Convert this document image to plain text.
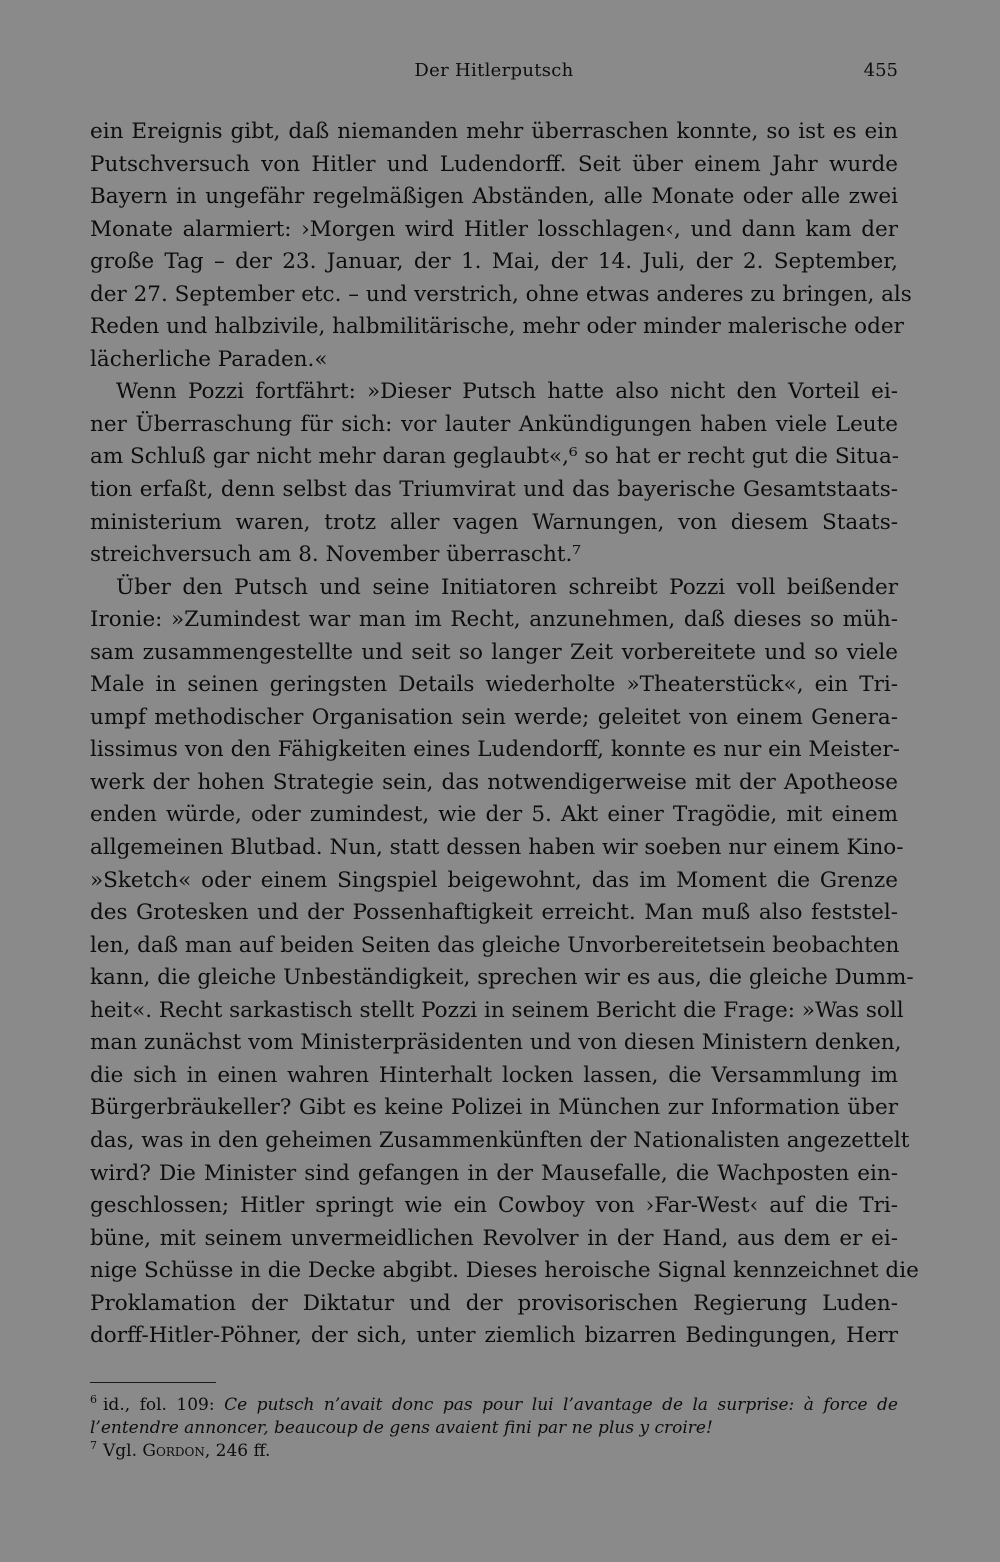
Der Hitlerputsch	455
ein Ereignis gibt, daß niemanden mehr überraschen konnte, so ist es ein
Putschversuch von Hitler und Ludendorff. Seit über einem Jahr wurde
Bayern in ungefähr regelmäßigen Abständen, alle Monate oder alle zwei
Monate alarmiert: ›Morgen wird Hitler losschlagen‹, und dann kam der
große Tag – der 23. Januar, der 1. Mai, der 14. Juli, der 2. September,
der 27. September etc. – und verstrich, ohne etwas anderes zu bringen, als
Reden und halbzivile, halbmilitärische, mehr oder minder malerische oder
lächerliche Paraden.«
Wenn Pozzi fortfährt: »Dieser Putsch hatte also nicht den Vorteil ei-
ner Überraschung für sich: vor lauter Ankündigungen haben viele Leute
am Schluß gar nicht mehr daran geglaubt«,⁶ so hat er recht gut die Situa-
tion erfaßt, denn selbst das Triumvirat und das bayerische Gesamtstaats-
ministerium waren, trotz aller vagen Warnungen, von diesem Staats-
streichversuch am 8. November überrascht.⁷
Über den Putsch und seine Initiatoren schreibt Pozzi voll beißender
Ironie: »Zumindest war man im Recht, anzunehmen, daß dieses so müh-
sam zusammengestellte und seit so langer Zeit vorbereitete und so viele
Male in seinen geringsten Details wiederholte »Theaterstück«, ein Tri-
umpf methodischer Organisation sein werde; geleitet von einem Genera-
lissimus von den Fähigkeiten eines Ludendorff, konnte es nur ein Meister-
werk der hohen Strategie sein, das notwendigerweise mit der Apotheose
enden würde, oder zumindest, wie der 5. Akt einer Tragödie, mit einem
allgemeinen Blutbad. Nun, statt dessen haben wir soeben nur einem Kino-
»Sketch« oder einem Singspiel beigewohnt, das im Moment die Grenze
des Grotesken und der Possenhaftigkeit erreicht. Man muß also feststel-
len, daß man auf beiden Seiten das gleiche Unvorbereitetsein beobachten
kann, die gleiche Unbeständigkeit, sprechen wir es aus, die gleiche Dumm-
heit«. Recht sarkastisch stellt Pozzi in seinem Bericht die Frage: »Was soll
man zunächst vom Ministerpräsidenten und von diesen Ministern denken,
die sich in einen wahren Hinterhalt locken lassen, die Versammlung im
Bürgerbräukeller? Gibt es keine Polizei in München zur Information über
das, was in den geheimen Zusammenkünften der Nationalisten angezettelt
wird? Die Minister sind gefangen in der Mausefalle, die Wachposten ein-
geschlossen; Hitler springt wie ein Cowboy von ›Far-West‹ auf die Tri-
büne, mit seinem unvermeidlichen Revolver in der Hand, aus dem er ei-
nige Schüsse in die Decke abgibt. Dieses heroische Signal kennzeichnet die
Proklamation der Diktatur und der provisorischen Regierung Luden-
dorff-Hitler-Pöhner, der sich, unter ziemlich bizarren Bedingungen, Herr
$^6$ id., fol. 109: Ce putsch n’avait donc pas pour lui l’avantage de la surprise: à force de
l’entendre annoncer, beaucoup de gens avaient fini par ne plus y croire!
$^7$ Vgl. Gordon, 246 ff.
